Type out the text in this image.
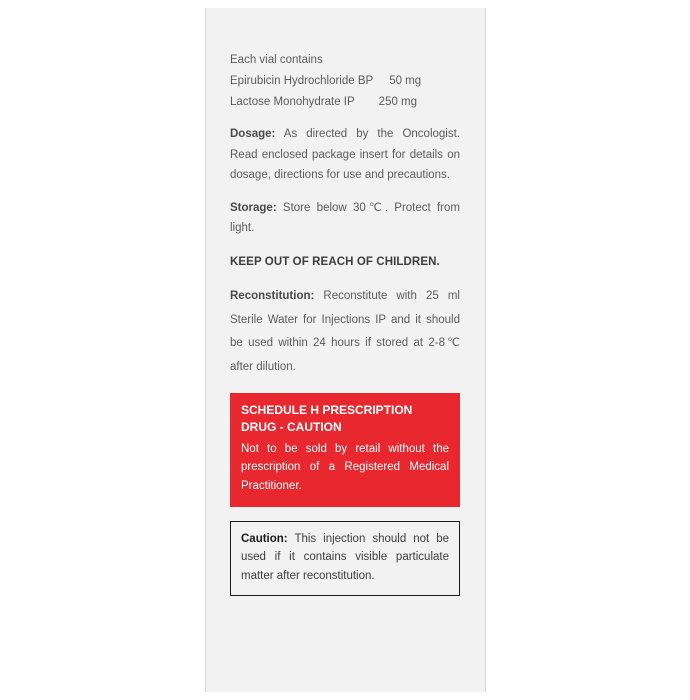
Each vial contains
Epirubicin Hydrochloride BP 50 mg
Lactose Monohydrate IP 250 mg
Dosage: As directed by the Oncologist. Read enclosed package insert for details on dosage, directions for use and precautions.
Storage: Store below 30℃. Protect from light.
KEEP OUT OF REACH OF CHILDREN.
Reconstitution: Reconstitute with 25 ml Sterile Water for Injections IP and it should be used within 24 hours if stored at 2-8℃ after dilution.
SCHEDULE H PRESCRIPTION DRUG - CAUTION
Not to be sold by retail without the prescription of a Registered Medical Practitioner.
Caution: This injection should not be used if it contains visible particulate matter after reconstitution.
